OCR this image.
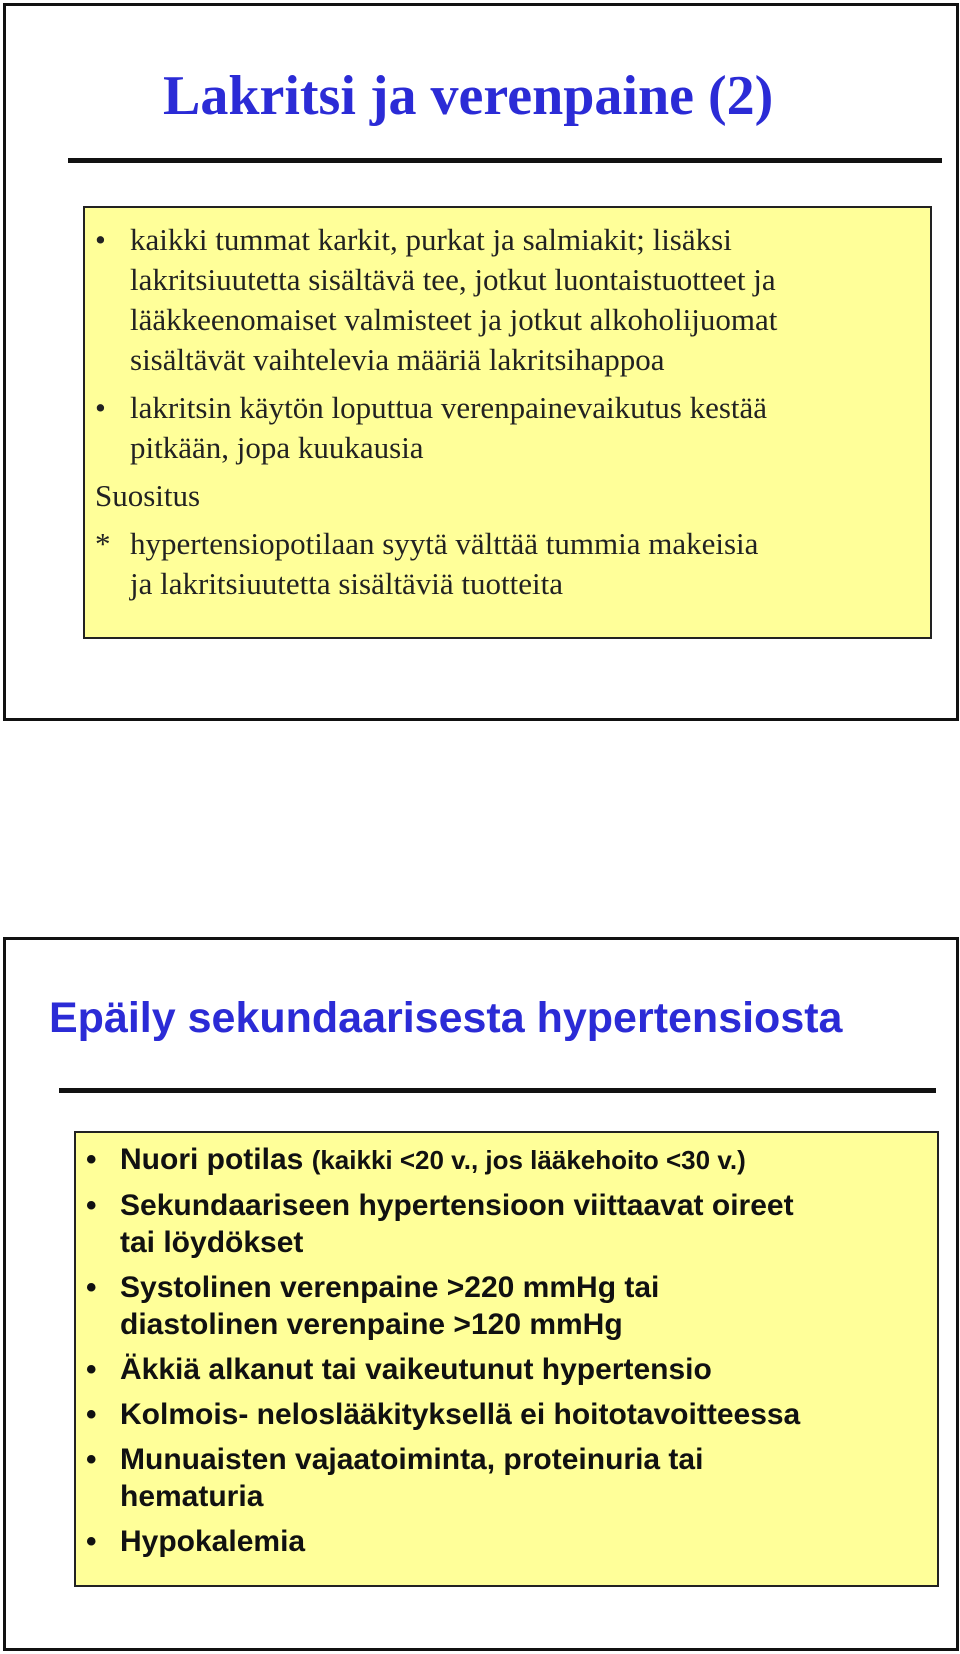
Lakritsi ja verenpaine (2)
• kaikki tummat karkit, purkat ja salmiakit; lisäksi
lakritsiuutetta sisältävä tee, jotkut luontaistuotteet ja
lääkkeenomaiset valmisteet ja jotkut alkoholijuomat
sisältävät vaihtelevia määriä lakritsihappoa
• lakritsin käytön loputtua verenpainevaikutus kestää
pitkään, jopa kuukausia
Suositus
* hypertensiopotilaan syytä välttää tummia makeisia
ja lakritsiuutetta sisältäviä tuotteita
Epäily sekundaarisesta hypertensiosta
• Nuori potilas (kaikki <20 v., jos lääkehoito <30 v.)
• Sekundaariseen hypertensioon viittaavat oireet
tai löydökset
• Systolinen verenpaine >220 mmHg tai
diastolinen verenpaine >120 mmHg
• Äkkiä alkanut tai vaikeutunut hypertensio
• Kolmois- neloslääkityksellä ei hoitotavoitteessa
• Munuaisten vajaatoiminta, proteinuria tai
hematuria
• Hypokalemia
